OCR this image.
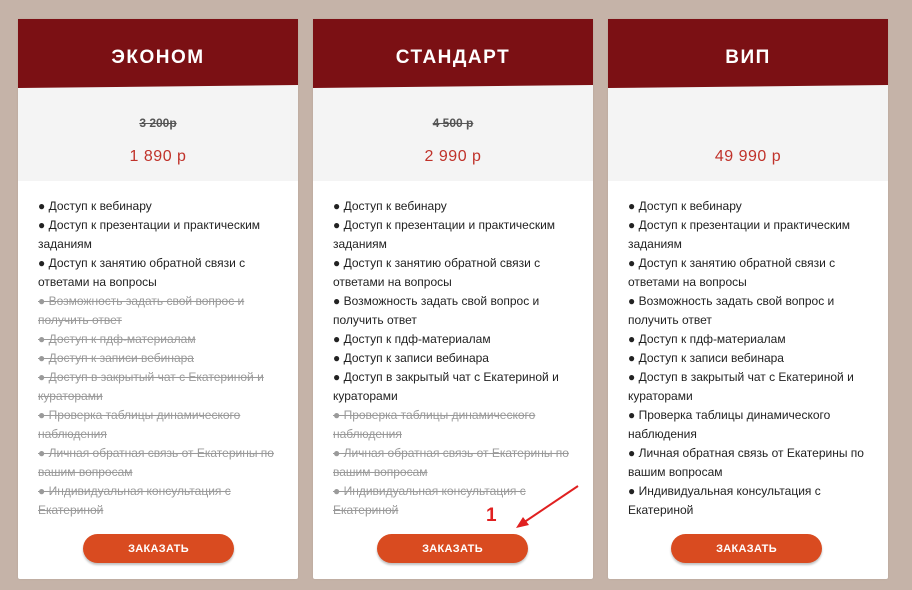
ЭКОНОМ
3 200р
1 890 р
● Доступ к вебинару
● Доступ к презентации и практическим заданиям
● Доступ к занятию обратной связи с ответами на вопросы
● Возможность задать свой вопрос и получить ответ
● Доступ к пдф-материалам
● Доступ к записи вебинара
● Доступ в закрытый чат с Екатериной и кураторами
● Проверка таблицы динамического наблюдения
● Личная обратная связь от Екатерины по вашим вопросам
● Индивидуальная консультация с Екатериной
ЗАКАЗАТЬ
СТАНДАРТ
4 500 р
2 990 р
● Доступ к вебинару
● Доступ к презентации и практическим заданиям
● Доступ к занятию обратной связи с ответами на вопросы
● Возможность задать свой вопрос и получить ответ
● Доступ к пдф-материалам
● Доступ к записи вебинара
● Доступ в закрытый чат с Екатериной и кураторами
● Проверка таблицы динамического наблюдения
● Личная обратная связь от Екатерины по вашим вопросам
● Индивидуальная консультация с Екатериной
ЗАКАЗАТЬ
ВИП
49 990 р
● Доступ к вебинару
● Доступ к презентации и практическим заданиям
● Доступ к занятию обратной связи с ответами на вопросы
● Возможность задать свой вопрос и получить ответ
● Доступ к пдф-материалам
● Доступ к записи вебинара
● Доступ в закрытый чат с Екатериной и кураторами
● Проверка таблицы динамического наблюдения
● Личная обратная связь от Екатерины по вашим вопросам
● Индивидуальная консультация с Екатериной
ЗАКАЗАТЬ
1
